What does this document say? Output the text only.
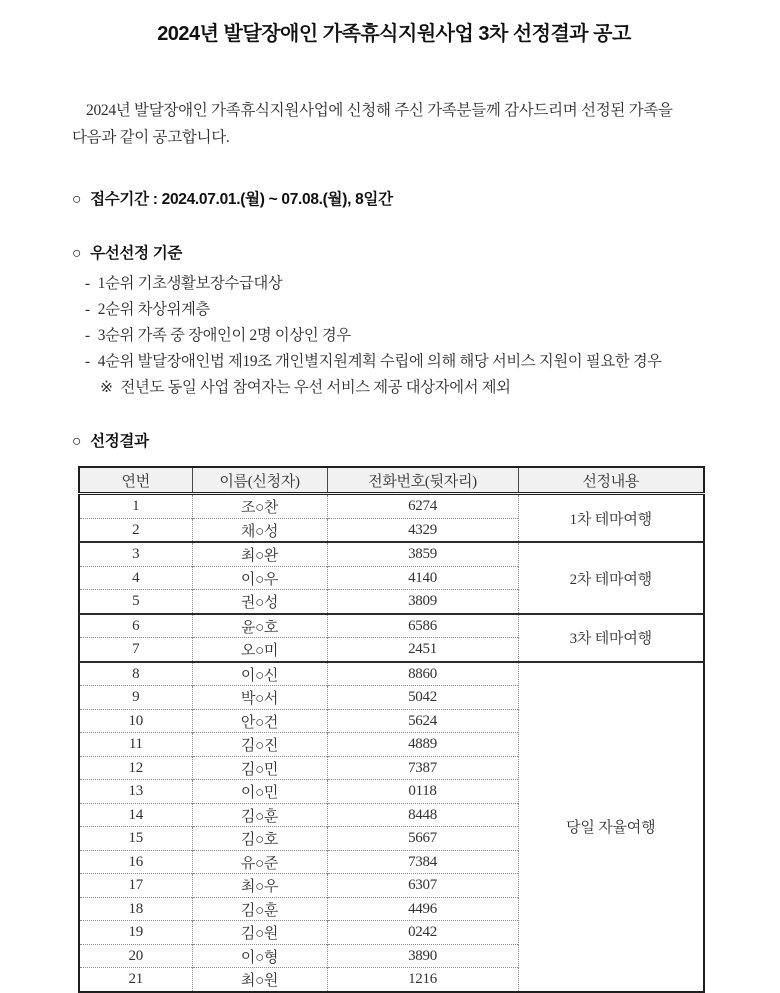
2024년 발달장애인 가족휴식지원사업 3차 선정결과 공고

2024년 발달장애인 가족휴식지원사업에 신청해 주신 가족분들께 감사드리며 선정된 가족을
다음과 같이 공고합니다.

○ 접수기간 : 2024.07.01.(월) ~ 07.08.(월), 8일간
○ 우선선정 기준
- 1순위 기초생활보장수급대상
- 2순위 차상위계층
- 3순위 가족 중 장애인이 2명 이상인 경우
- 4순위 발달장애인법 제19조 개인별지원계획 수립에 의해 해당 서비스 지원이 필요한 경우
※ 전년도 동일 사업 참여자는 우선 서비스 제공 대상자에서 제외
○ 선정결과
연번	이름(신청자)	전화번호(뒷자리)	선정내용
1	조○찬	6274	1차 테마여행
2	채○성	4329	
3	최○완	3859	2차 테마여행
4	이○우	4140	
5	권○성	3809	
6	윤○호	6586	3차 테마여행
7	오○미	2451	
8	이○신	8860	당일 자율여행
9	박○서	5042	
10	안○건	5624	
11	김○진	4889	
12	김○민	7387	
13	이○민	0118	
14	김○훈	8448	
15	김○호	5667	
16	유○준	7384	
17	최○우	6307	
18	김○훈	4496	
19	김○원	0242	
20	이○형	3890	
21	최○원	1216	
